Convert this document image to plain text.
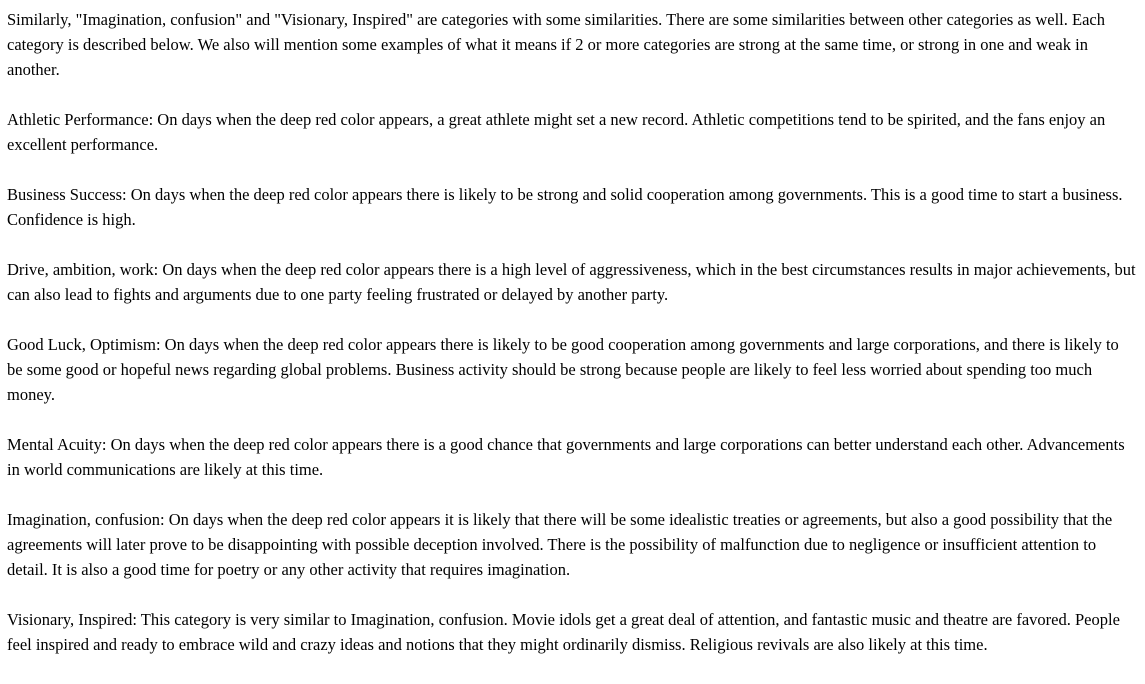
Similarly, "Imagination, confusion" and "Visionary, Inspired" are categories with some similarities. There are some similarities between other categories as well. Each category is described below. We also will mention some examples of what it means if 2 or more categories are strong at the same time, or strong in one and weak in another.

Athletic Performance: On days when the deep red color appears, a great athlete might set a new record. Athletic competitions tend to be spirited, and the fans enjoy an excellent performance.

Business Success: On days when the deep red color appears there is likely to be strong and solid cooperation among governments. This is a good time to start a business. Confidence is high.

Drive, ambition, work: On days when the deep red color appears there is a high level of aggressiveness, which in the best circumstances results in major achievements, but can also lead to fights and arguments due to one party feeling frustrated or delayed by another party.

Good Luck, Optimism: On days when the deep red color appears there is likely to be good cooperation among governments and large corporations, and there is likely to be some good or hopeful news regarding global problems. Business activity should be strong because people are likely to feel less worried about spending too much money.

Mental Acuity: On days when the deep red color appears there is a good chance that governments and large corporations can better understand each other. Advancements in world communications are likely at this time.

Imagination, confusion: On days when the deep red color appears it is likely that there will be some idealistic treaties or agreements, but also a good possibility that the agreements will later prove to be disappointing with possible deception involved. There is the possibility of malfunction due to negligence or insufficient attention to detail. It is also a good time for poetry or any other activity that requires imagination.

Visionary, Inspired: This category is very similar to Imagination, confusion. Movie idols get a great deal of attention, and fantastic music and theatre are favored. People feel inspired and ready to embrace wild and crazy ideas and notions that they might ordinarily dismiss. Religious revivals are also likely at this time.
